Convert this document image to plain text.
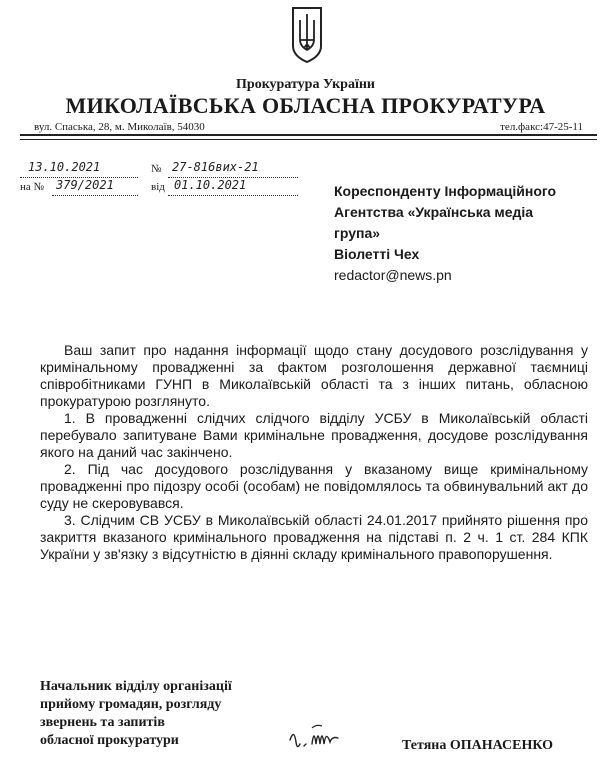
Прокуратура України
МИКОЛАЇВСЬКА ОБЛАСНА ПРОКУРАТУРА
вул. Спаська, 28, м. Миколаїв, 54030	тел.факс:47-25-11
13.10.2021	№ 27-816вих-21
на № 379/2021	від 01.10.2021	Кореспонденту Інформаційного
Агентства «Українська медіа
група»
Віолетті Чех
redactor@news.pn

Ваш запит про надання інформації щодо стану досудового розслідування у кримінальному провадженні за фактом розголошення державної таємниці співробітниками ГУНП в Миколаївській області та з інших питань, обласною прокуратурою розглянуто.

1. В провадженні слідчих слідчого відділу УСБУ в Миколаївській області перебувало запитуване Вами кримінальне провадження, досудове розслідування якого на даний час закінчено.

2. Під час досудового розслідування у вказаному вище кримінальному провадженні про підозру особі (особам) не повідомлялось та обвинувальний акт до суду не скеровувався.

3. Слідчим СВ УСБУ в Миколаївській області 24.01.2017 прийнято рішення про закриття вказаного кримінального провадження на підставі п. 2 ч. 1 ст. 284 КПК України у зв'язку з відсутністю в діянні складу кримінального правопорушення.

Начальник відділу організації
прийому громадян, розгляду
звернень та запитів
обласної прокуратури	Тетяна ОПАНАСЕНКО
